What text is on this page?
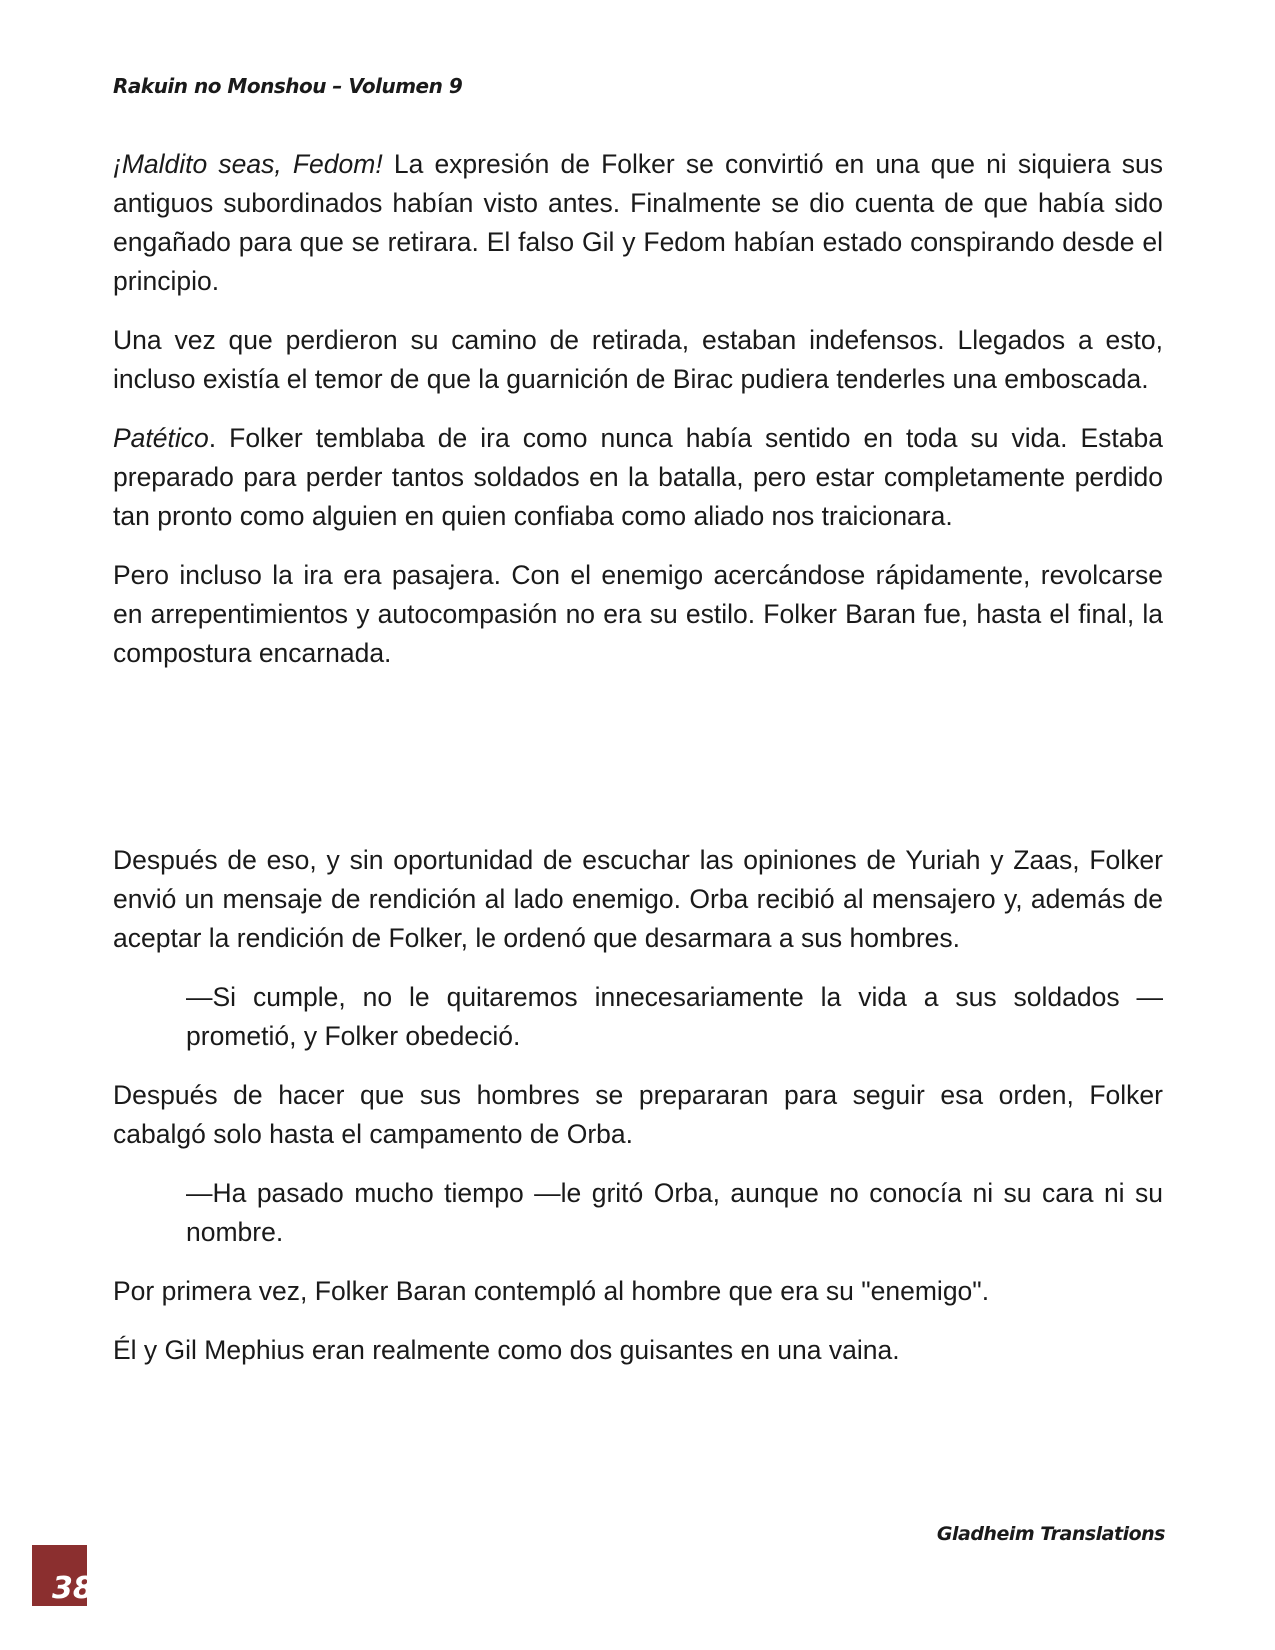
Rakuin no Monshou – Volumen 9

¡Maldito seas, Fedom! La expresión de Folker se convirtió en una que ni siquiera sus antiguos subordinados habían visto antes. Finalmente se dio cuenta de que había sido engañado para que se retirara. El falso Gil y Fedom habían estado conspirando desde el principio.

Una vez que perdieron su camino de retirada, estaban indefensos. Llegados a esto, incluso existía el temor de que la guarnición de Birac pudiera tenderles una emboscada.

Patético. Folker temblaba de ira como nunca había sentido en toda su vida. Estaba preparado para perder tantos soldados en la batalla, pero estar completamente perdido tan pronto como alguien en quien confiaba como aliado nos traicionara.

Pero incluso la ira era pasajera. Con el enemigo acercándose rápidamente, revolcarse en arrepentimientos y autocompasión no era su estilo. Folker Baran fue, hasta el final, la compostura encarnada.

Después de eso, y sin oportunidad de escuchar las opiniones de Yuriah y Zaas, Folker envió un mensaje de rendición al lado enemigo. Orba recibió al mensajero y, además de aceptar la rendición de Folker, le ordenó que desarmara a sus hombres.

—Si cumple, no le quitaremos innecesariamente la vida a sus soldados —prometió, y Folker obedeció.

Después de hacer que sus hombres se prepararan para seguir esa orden, Folker cabalgó solo hasta el campamento de Orba.

—Ha pasado mucho tiempo —le gritó Orba, aunque no conocía ni su cara ni su nombre.

Por primera vez, Folker Baran contempló al hombre que era su "enemigo".

Él y Gil Mephius eran realmente como dos guisantes en una vaina.

Gladheim Translations
38
